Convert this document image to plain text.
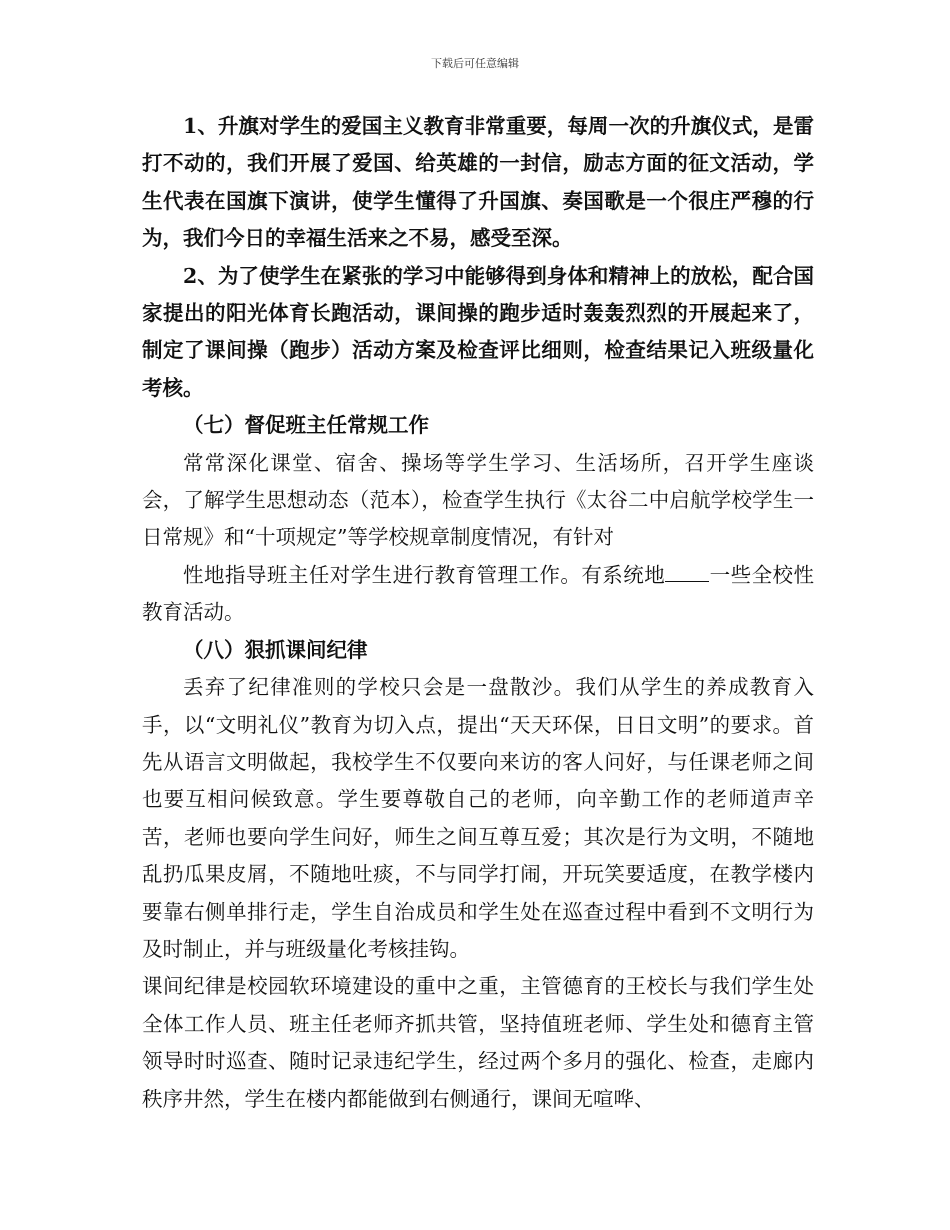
下载后可任意编辑

1、升旗对学生的爱国主义教育非常重要，每周一次的升旗仪式，是雷打不动的，我们开展了爱国、给英雄的一封信，励志方面的征文活动，学生代表在国旗下演讲，使学生懂得了升国旗、奏国歌是一个很庄严穆的行为，我们今日的幸福生活来之不易，感受至深。

2、为了使学生在紧张的学习中能够得到身体和精神上的放松，配合国家提出的阳光体育长跑活动，课间操的跑步适时轰轰烈烈的开展起来了，制定了课间操（跑步）活动方案及检查评比细则，检查结果记入班级量化考核。

（七）督促班主任常规工作

常常深化课堂、宿舍、操场等学生学习、生活场所，召开学生座谈会，了解学生思想动态（范本），检查学生执行《太谷二中启航学校学生一日常规》和“十项规定”等学校规章制度情况，有针对

性地指导班主任对学生进行教育管理工作。有系统地 一些全校性教育活动。

（八）狠抓课间纪律

丢弃了纪律准则的学校只会是一盘散沙。我们从学生的养成教育入手，以“文明礼仪”教育为切入点，提出“天天环保，日日文明”的要求。首先从语言文明做起，我校学生不仅要向来访的客人问好，与任课老师之间也要互相问候致意。学生要尊敬自己的老师，向辛勤工作的老师道声辛苦，老师也要向学生问好，师生之间互尊互爱；其次是行为文明，不随地乱扔瓜果皮屑，不随地吐痰，不与同学打闹，开玩笑要适度，在教学楼内要靠右侧单排行走，学生自治成员和学生处在巡查过程中看到不文明行为及时制止，并与班级量化考核挂钩。

课间纪律是校园软环境建设的重中之重，主管德育的王校长与我们学生处全体工作人员、班主任老师齐抓共管，坚持值班老师、学生处和德育主管领导时时巡查、随时记录违纪学生，经过两个多月的强化、检查，走廊内秩序井然，学生在楼内都能做到右侧通行，课间无喧哗、
